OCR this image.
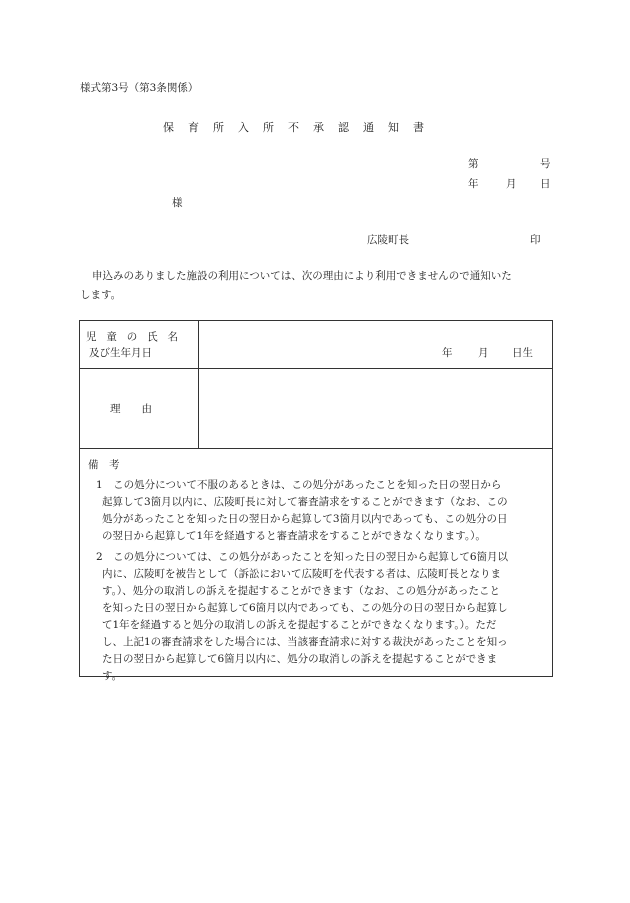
様式第3号（第3条関係）
保育所入所不承認通知書
第	号
年	月 日
様
広陵町長	印
申込みのありました施設の利用については、次の理由により利用できませんので通知いた
します。
児 童 の 氏 名
及び生年月日	年 月 日生
理　　由
備　考
1　この処分について不服のあるときは、この処分があったことを知った日の翌日から
起算して3箇月以内に、広陵町長に対して審査請求をすることができます（なお、この
処分があったことを知った日の翌日から起算して3箇月以内であっても、この処分の日
の翌日から起算して1年を経過すると審査請求をすることができなくなります。）。
2　この処分については、この処分があったことを知った日の翌日から起算して6箇月以
内に、広陵町を被告として（訴訟において広陵町を代表する者は、広陵町長となりま
す。）、処分の取消しの訴えを提起することができます（なお、この処分があったこと
を知った日の翌日から起算して6箇月以内であっても、この処分の日の翌日から起算し
て1年を経過すると処分の取消しの訴えを提起することができなくなります。）。ただ
し、上記1の審査請求をした場合には、当該審査請求に対する裁決があったことを知っ
た日の翌日から起算して6箇月以内に、処分の取消しの訴えを提起することができま
す。
